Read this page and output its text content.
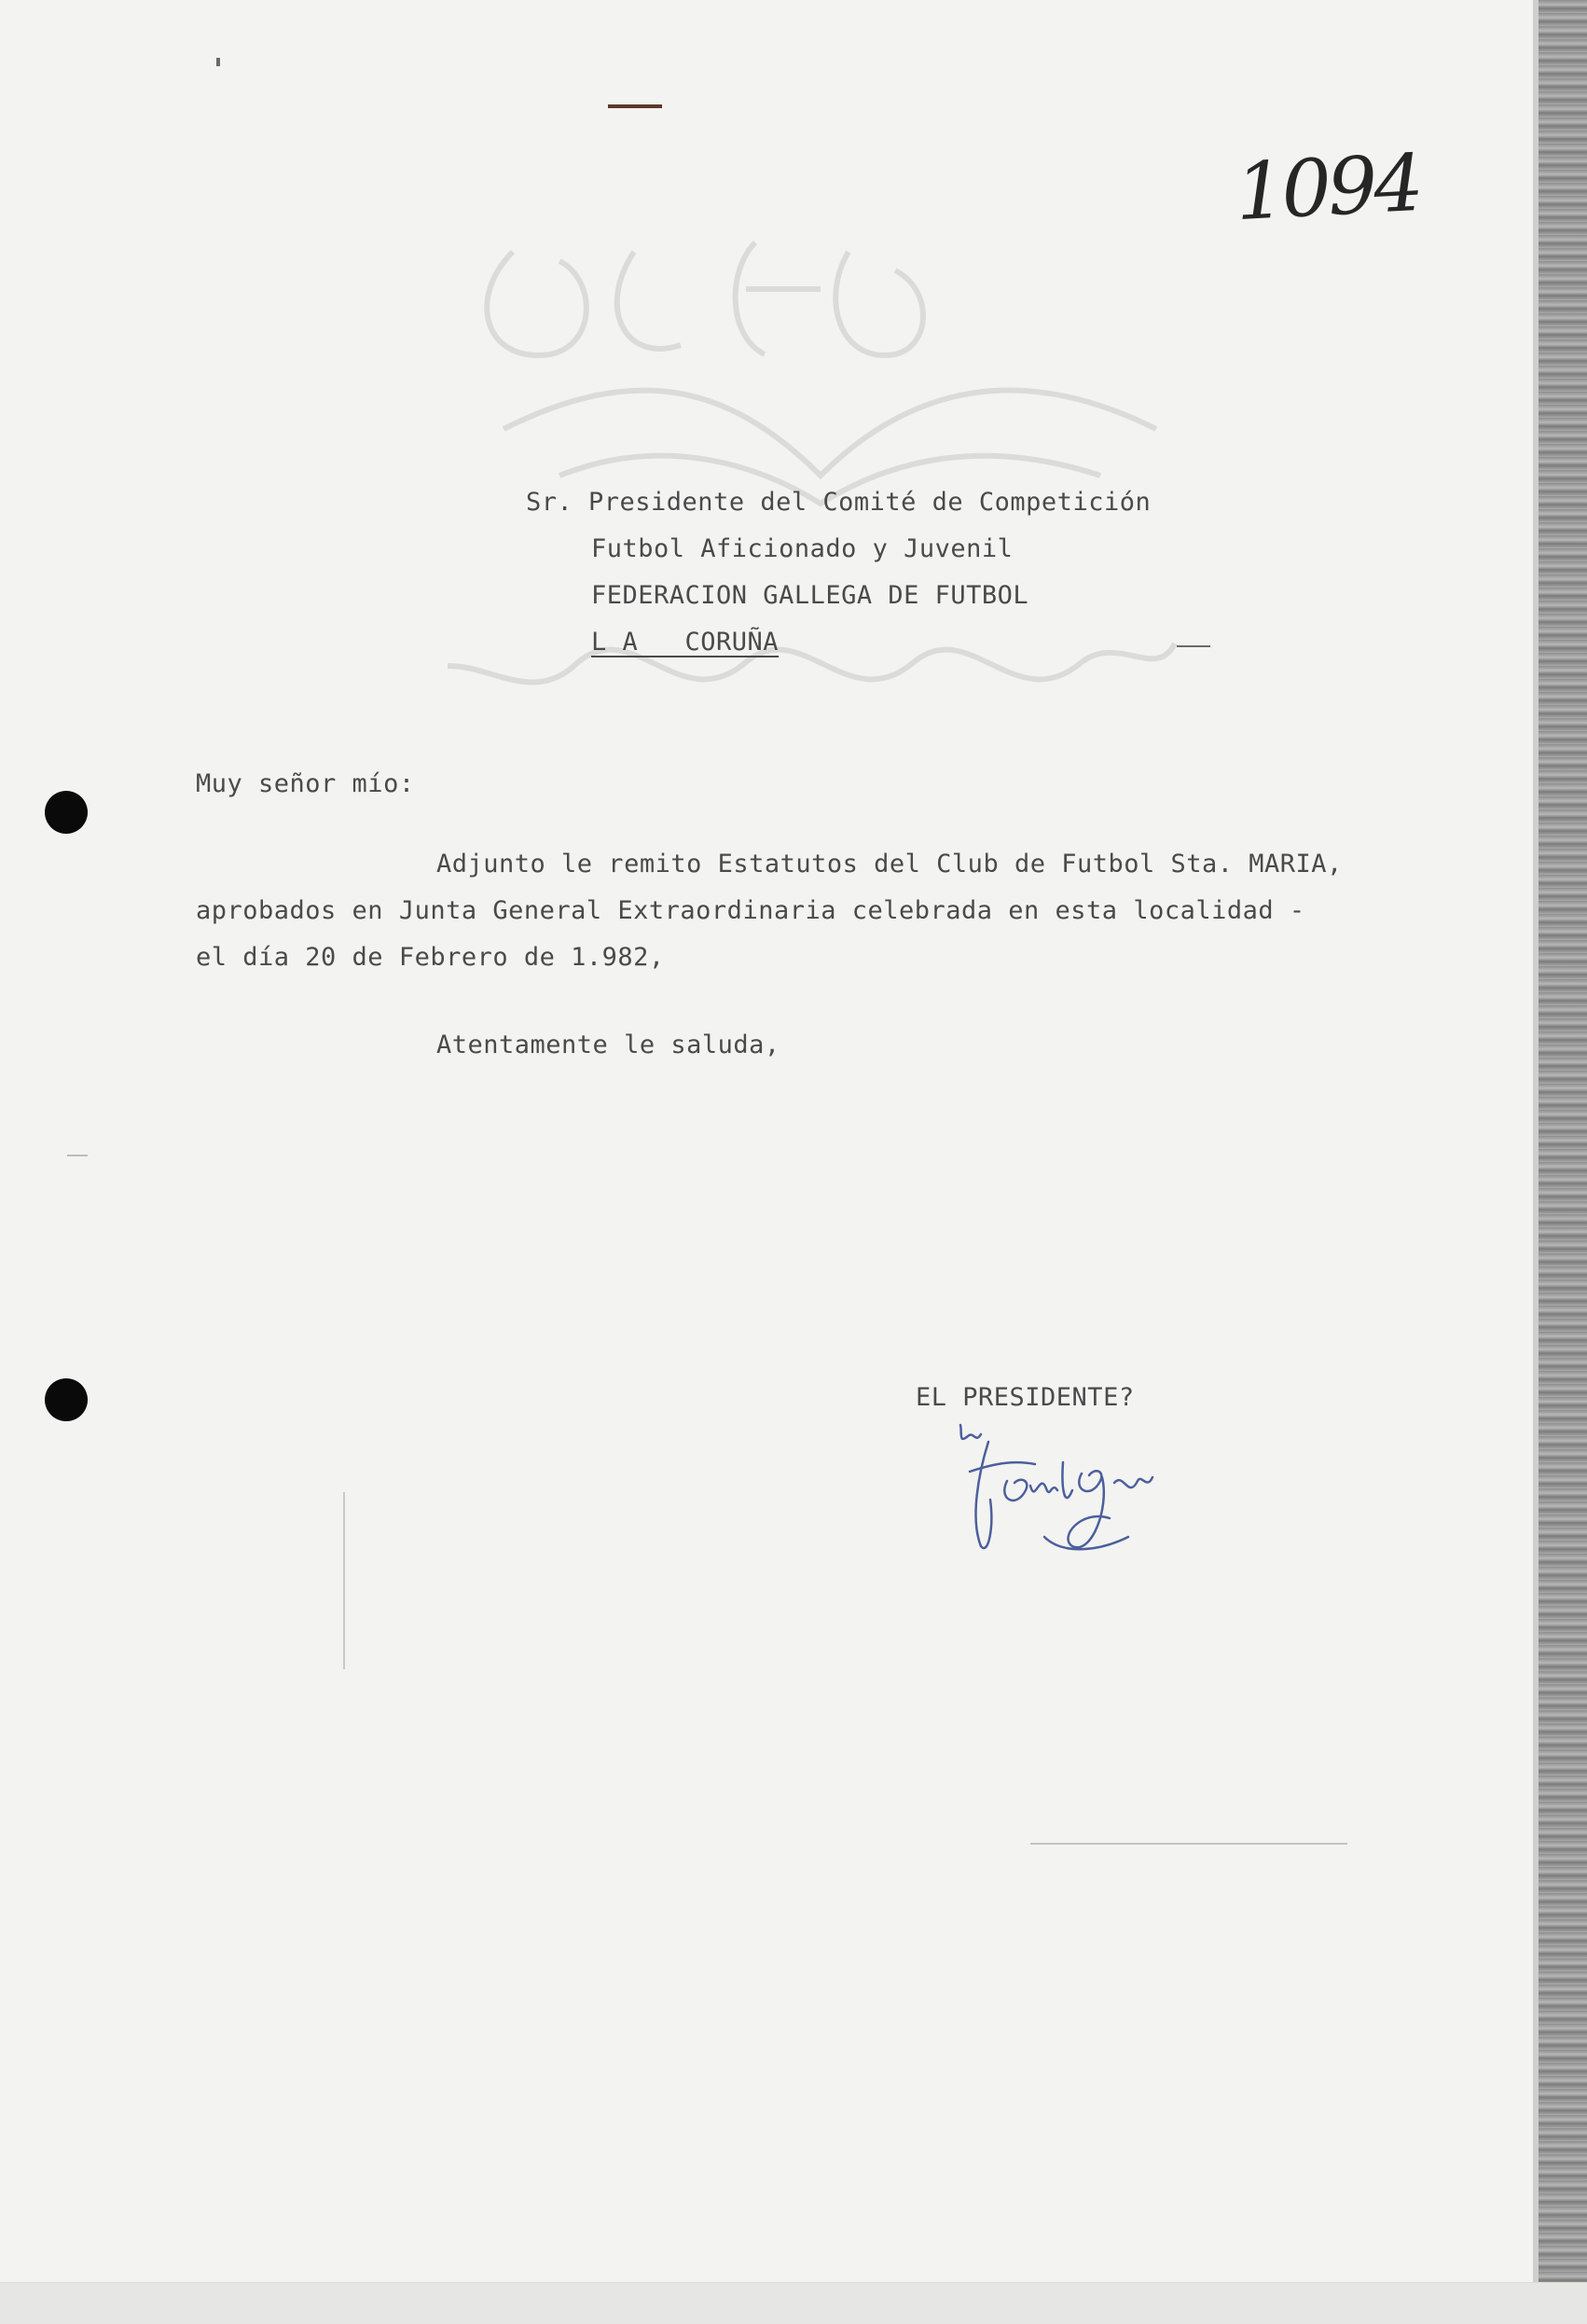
1094
Sr. Presidente del Comité de Competición
Futbol Aficionado y Juvenil
FEDERACION GALLEGA DE FUTBOL
L A   CORUÑA
Muy señor mío:
Adjunto le remito Estatutos del Club de Futbol Sta. MARIA,
aprobados en Junta General Extraordinaria celebrada en esta localidad -
el día 20 de Febrero de 1.982,
Atentamente le saluda,
EL PRESIDENTE?
